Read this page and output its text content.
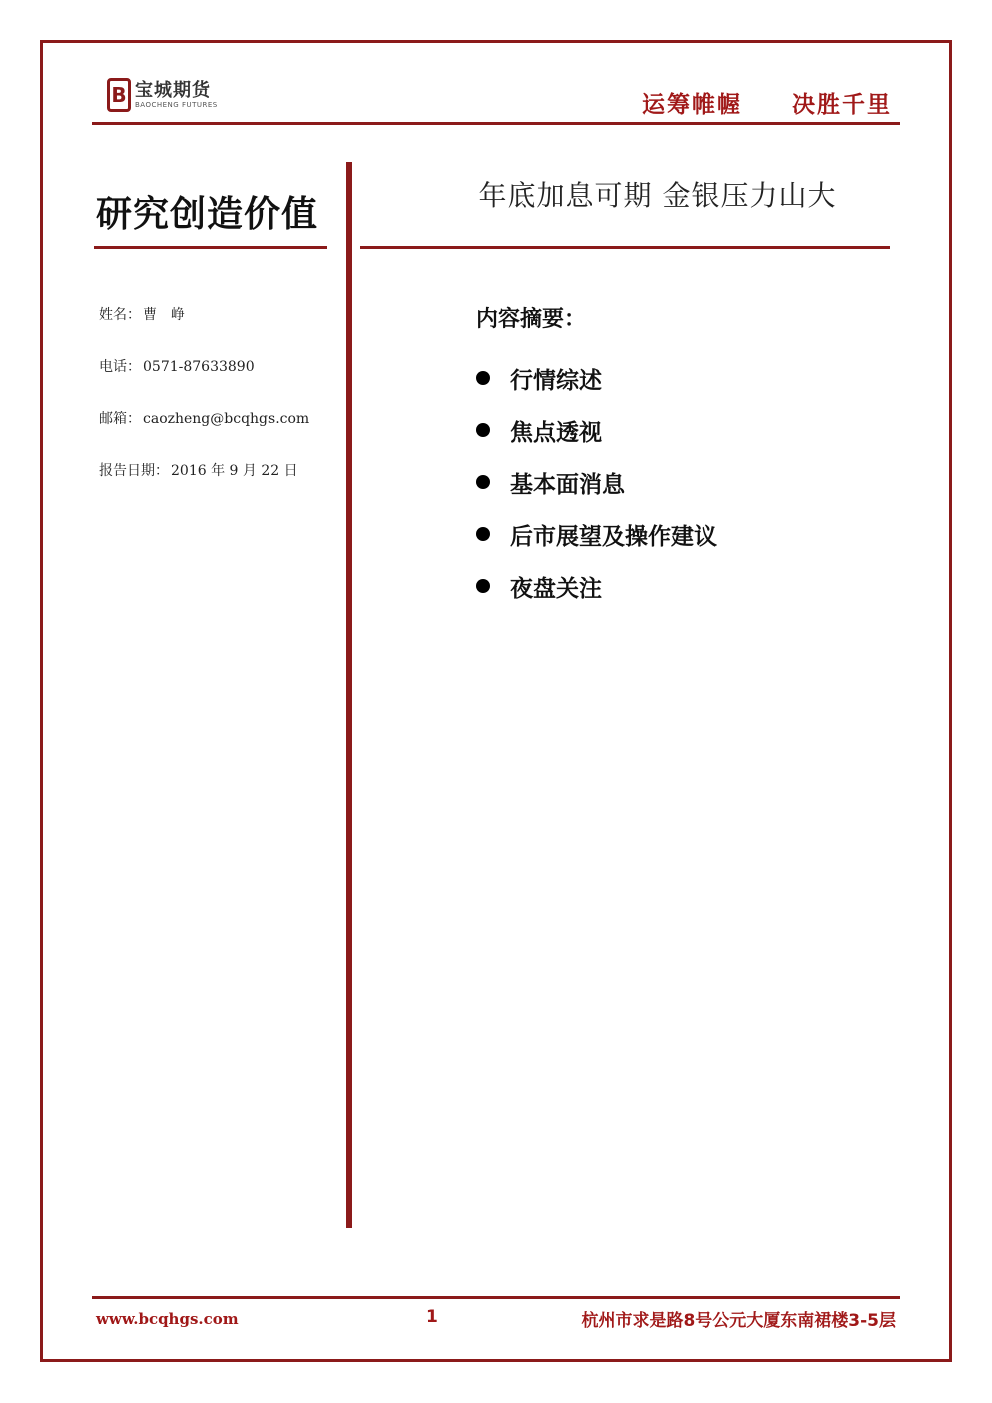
B 宝城期货
BAOCHENG FUTURES	运筹帷幄 决胜千里
研究创造价值
姓名： 曹　峥
电话： 0571-87633890
邮箱： caozheng@bcqhgs.com
报告日期： 2016 年 9 月 22 日
年底加息可期 金银压力山大
内容摘要：
行情综述
焦点透视
基本面消息
后市展望及操作建议
夜盘关注
www.bcqhgs.com	1	杭州市求是路8号公元大厦东南裙楼3-5层
